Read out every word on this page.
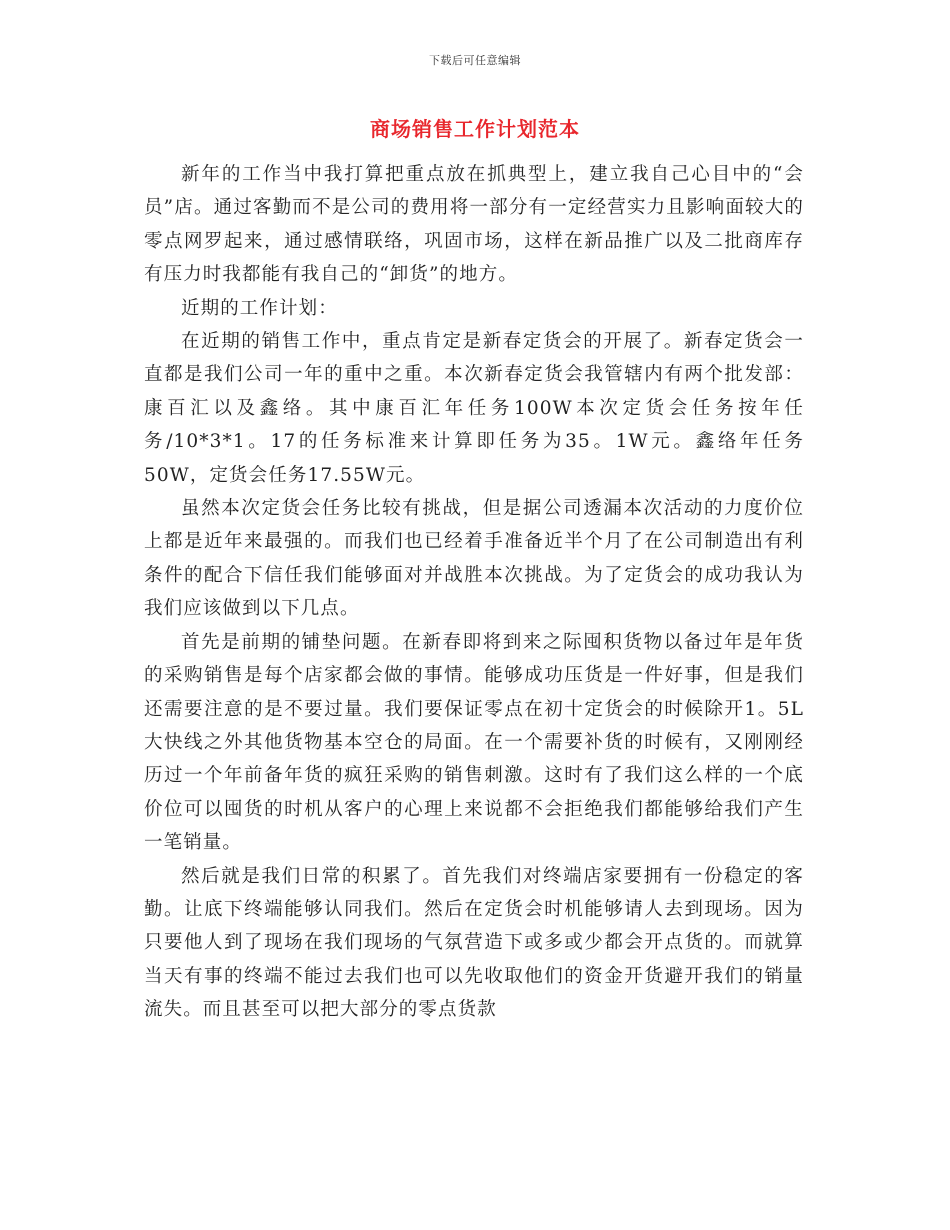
下载后可任意编辑
商场销售工作计划范本

新年的工作当中我打算把重点放在抓典型上，建立我自己心目中的“会员”店。通过客勤而不是公司的费用将一部分有一定经营实力且影响面较大的零点网罗起来，通过感情联络，巩固市场，这样在新品推广以及二批商库存有压力时我都能有我自己的“卸货”的地方。

近期的工作计划：

在近期的销售工作中，重点肯定是新春定货会的开展了。新春定货会一直都是我们公司一年的重中之重。本次新春定货会我管辖内有两个批发部：康百汇以及鑫络。其中康百汇年任务100W本次定货会任务按年任务/10*3*1。17的任务标准来计算即任务为35。1W元。鑫络年任务50W，定货会任务17.55W元。

虽然本次定货会任务比较有挑战，但是据公司透漏本次活动的力度价位上都是近年来最强的。而我们也已经着手准备近半个月了在公司制造出有利条件的配合下信任我们能够面对并战胜本次挑战。为了定货会的成功我认为我们应该做到以下几点。

首先是前期的铺垫问题。在新春即将到来之际囤积货物以备过年是年货的采购销售是每个店家都会做的事情。能够成功压货是一件好事，但是我们还需要注意的是不要过量。我们要保证零点在初十定货会的时候除开1。5L大快线之外其他货物基本空仓的局面。在一个需要补货的时候有，又刚刚经历过一个年前备年货的疯狂采购的销售刺激。这时有了我们这么样的一个底价位可以囤货的时机从客户的心理上来说都不会拒绝我们都能够给我们产生一笔销量。

然后就是我们日常的积累了。首先我们对终端店家要拥有一份稳定的客勤。让底下终端能够认同我们。然后在定货会时机能够请人去到现场。因为只要他人到了现场在我们现场的气氛营造下或多或少都会开点货的。而就算当天有事的终端不能过去我们也可以先收取他们的资金开货避开我们的销量流失。而且甚至可以把大部分的零点货款
